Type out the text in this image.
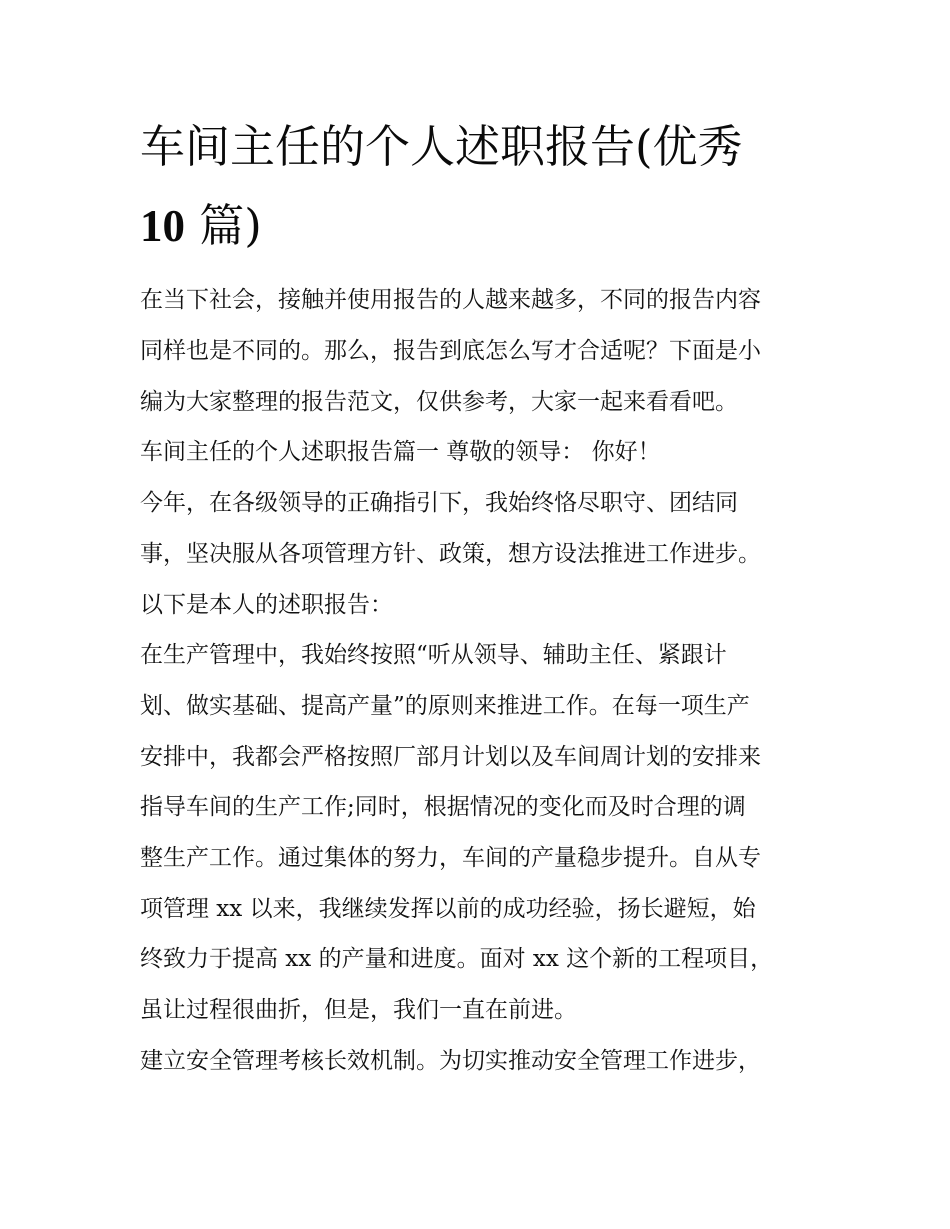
车间主任的个人述职报告(优秀
10 篇)
在当下社会，接触并使用报告的人越来越多，不同的报告内容
同样也是不同的。那么，报告到底怎么写才合适呢？下面是小
编为大家整理的报告范文，仅供参考，大家一起来看看吧。
车间主任的个人述职报告篇一 尊敬的领导： 你好！
今年，在各级领导的正确指引下，我始终恪尽职守、团结同
事，坚决服从各项管理方针、政策，想方设法推进工作进步。
以下是本人的述职报告：
在生产管理中，我始终按照“听从领导、辅助主任、紧跟计
划、做实基础、提高产量”的原则来推进工作。在每一项生产
安排中，我都会严格按照厂部月计划以及车间周计划的安排来
指导车间的生产工作;同时，根据情况的变化而及时合理的调
整生产工作。通过集体的努力，车间的产量稳步提升。自从专
项管理 xx 以来，我继续发挥以前的成功经验，扬长避短，始
终致力于提高 xx 的产量和进度。面对 xx 这个新的工程项目，
虽让过程很曲折，但是，我们一直在前进。
建立安全管理考核长效机制。为切实推动安全管理工作进步，
